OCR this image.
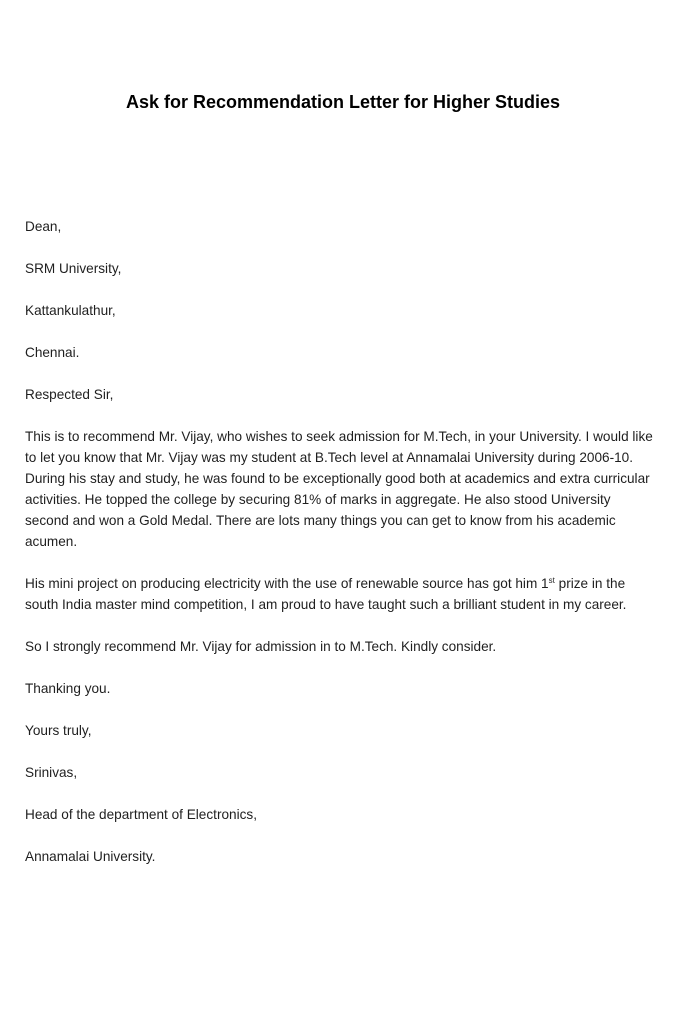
Ask for Recommendation Letter for Higher Studies

Dean,

SRM University,

Kattankulathur,

Chennai.

Respected Sir,

This is to recommend Mr. Vijay, who wishes to seek admission for M.Tech, in your University. I would like to let you know that Mr. Vijay was my student at B.Tech level at Annamalai University during 2006-10. During his stay and study, he was found to be exceptionally good both at academics and extra curricular activities. He topped the college by securing 81% of marks in aggregate. He also stood University second and won a Gold Medal. There are lots many things you can get to know from his academic acumen.

His mini project on producing electricity with the use of renewable source has got him 1st prize in the south India master mind competition, I am proud to have taught such a brilliant student in my career.

So I strongly recommend Mr. Vijay for admission in to M.Tech. Kindly consider.

Thanking you.

Yours truly,

Srinivas,

Head of the department of Electronics,

Annamalai University.
